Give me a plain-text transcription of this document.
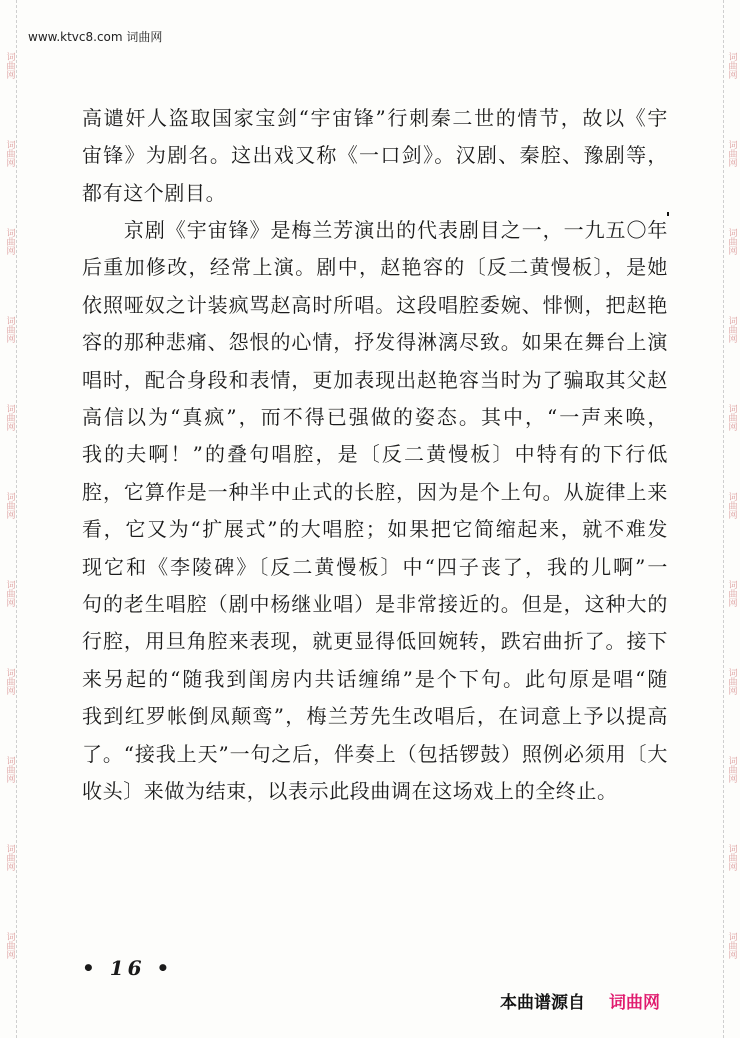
词曲网
词曲网
词曲网
词曲网
词曲网
词曲网
词曲网
词曲网
词曲网
词曲网
词曲网
词曲网
词曲网
词曲网
词曲网
词曲网
词曲网
词曲网
词曲网
词曲网
词曲网
词曲网
www.ktvc8.com 词曲网
高谴奸人盗取国家宝剑“宇宙锋”行刺秦二世的情节，故以《宇
宙锋》为剧名。这出戏又称《一口剑》。汉剧、秦腔、豫剧等，
都有这个剧目。
　　京剧《宇宙锋》是梅兰芳演出的代表剧目之一，一九五〇年
后重加修改，经常上演。剧中，赵艳容的〔反二黄慢板〕，是她
依照哑奴之计装疯骂赵高时所唱。这段唱腔委婉、悱恻，把赵艳
容的那种悲痛、怨恨的心情，抒发得淋漓尽致。如果在舞台上演
唱时，配合身段和表情，更加表现出赵艳容当时为了骗取其父赵
高信以为“真疯”，而不得已强做的姿态。其中，“一声来唤，
我的夫啊！”的叠句唱腔，是〔反二黄慢板〕中特有的下行低
腔，它算作是一种半中止式的长腔，因为是个上句。从旋律上来
看，它又为“扩展式”的大唱腔；如果把它简缩起来，就不难发
现它和《李陵碑》〔反二黄慢板〕中“四子丧了，我的儿啊”一
句的老生唱腔（剧中杨继业唱）是非常接近的。但是，这种大的
行腔，用旦角腔来表现，就更显得低回婉转，跌宕曲折了。接下
来另起的“随我到闺房内共话缠绵”是个下句。此句原是唱“随
我到红罗帐倒凤颠鸾”，梅兰芳先生改唱后，在词意上予以提高
了。“接我上天”一句之后，伴奏上（包括锣鼓）照例必须用〔大
收头〕来做为结束，以表示此段曲调在这场戏上的全终止。
• 16 •
本曲谱源自 词曲网
